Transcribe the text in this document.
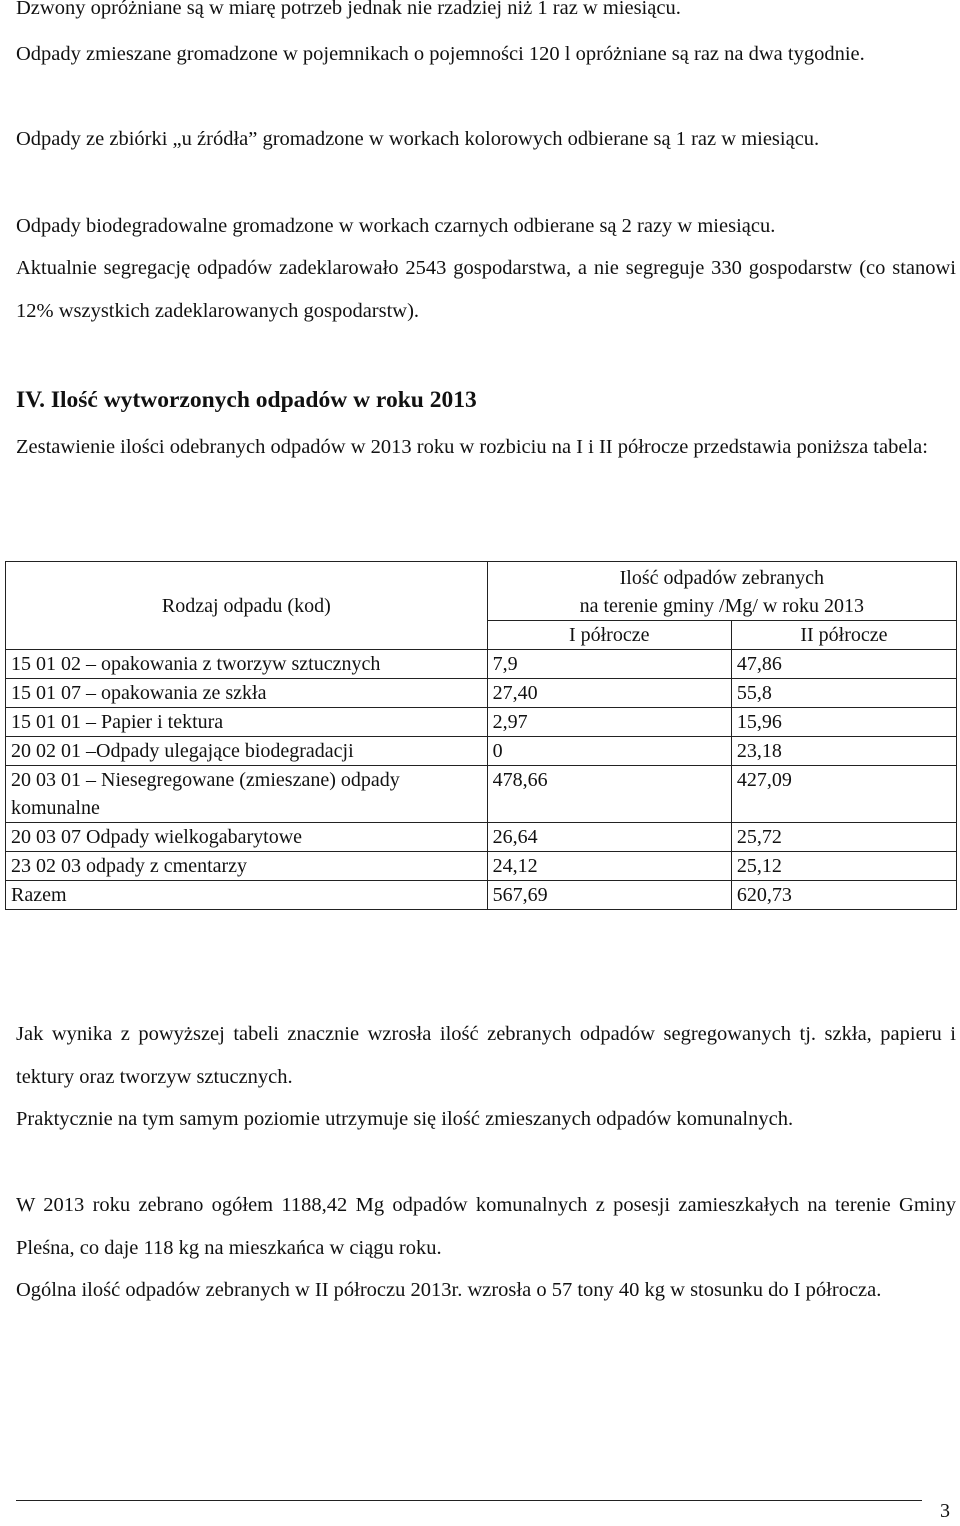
Dzwony opróżniane są w miarę potrzeb jednak nie rzadziej niż 1 raz w miesiącu.

Odpady zmieszane gromadzone w pojemnikach o pojemności 120 l opróżniane są raz na dwa tygodnie.

Odpady ze zbiórki „u źródła” gromadzone w workach kolorowych odbierane są 1 raz w miesiącu.

Odpady biodegradowalne gromadzone w workach czarnych odbierane są 2 razy w miesiącu.

Aktualnie segregację odpadów zadeklarowało 2543 gospodarstwa, a nie segreguje 330 gospodarstw (co stanowi 12% wszystkich zadeklarowanych gospodarstw).

IV. Ilość wytworzonych odpadów w roku 2013

Zestawienie ilości odebranych odpadów w 2013 roku w rozbiciu na I i II półrocze przedstawia poniższa tabela:

Rodzaj odpadu (kod)	Ilość odpadów zebranych
na terenie gminy /Mg/ w roku 2013	

	I półrocze	II półrocze
15 01 02 – opakowania z tworzyw sztucznych	7,9	47,86
15 01 07 – opakowania ze szkła	27,40	55,8
15 01 01 – Papier i tektura	2,97	15,96
20 02 01 –Odpady ulegające biodegradacji	0	23,18
20 03 01 – Niesegregowane (zmieszane) odpady komunalne	478,66	427,09
20 03 07 Odpady wielkogabarytowe	26,64	25,72
23 02 03 odpady z cmentarzy	24,12	25,12
Razem	567,69	620,73

Jak wynika z powyższej tabeli znacznie wzrosła ilość zebranych odpadów segregowanych tj. szkła, papieru i tektury oraz tworzyw sztucznych.

Praktycznie na tym samym poziomie utrzymuje się ilość zmieszanych odpadów komunalnych.

W 2013 roku zebrano ogółem 1188,42 Mg odpadów komunalnych z posesji zamieszkałych na terenie Gminy Pleśna, co daje 118 kg na mieszkańca w ciągu roku.

Ogólna ilość odpadów zebranych w II półroczu 2013r. wzrosła o 57 tony 40 kg w stosunku do I półrocza.

3
